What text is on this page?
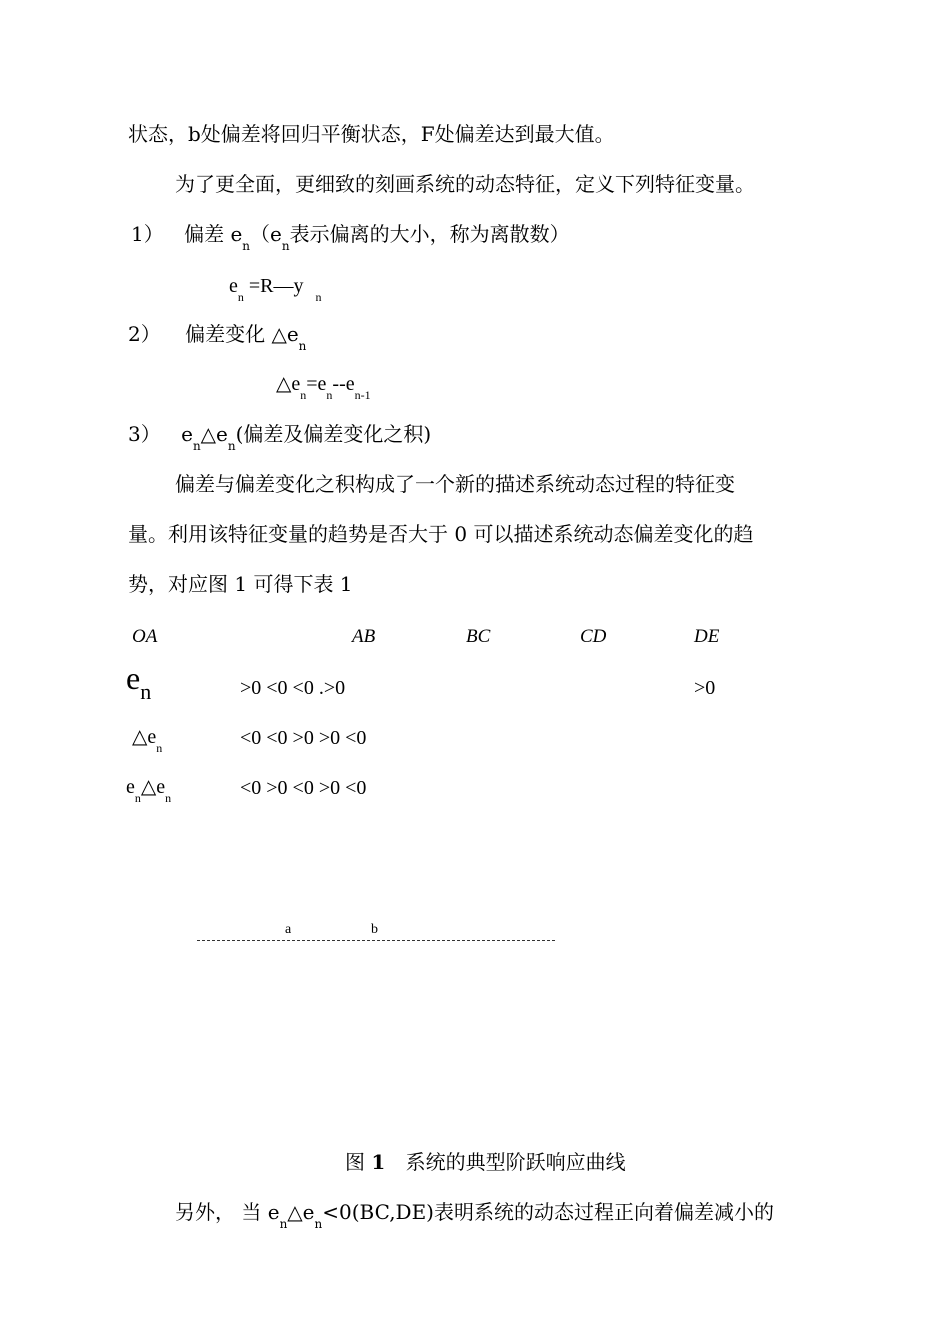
状态，b处偏差将回归平衡状态，F处偏差达到最大值。
为了更全面，更细致的刻画系统的动态特征，定义下列特征变量。
1） 偏差 $e_n(e_n$表示偏离的大小，称为离散数）
$e_n$ =R—y $_n$
2） 偏差变化 $\triangle e_n$
$\triangle e_n=e_n--e_{n-1}$
3） $e_n\triangle e_n$(偏差及偏差变化之积)
偏差与偏差变化之积构成了一个新的描述系统动态过程的特征变
量。利用该特征变量的趋势是否大于 0 可以描述系统动态偏差变化的趋
势，对应图 1 可得下表 1
OA	AB	BC	CD	DE
en	>0 <0 <0 .>0	>0
$\triangle e_n$	<0 <0 >0 >0 <0
$e_n\triangle e_n$	<0 >0 <0 >0 <0
a	b
图 1 系统的典型阶跃响应曲线
另外， 当 $e_n\triangle e_n<0(BC,DE)$表明系统的动态过程正向着偏差减小的
